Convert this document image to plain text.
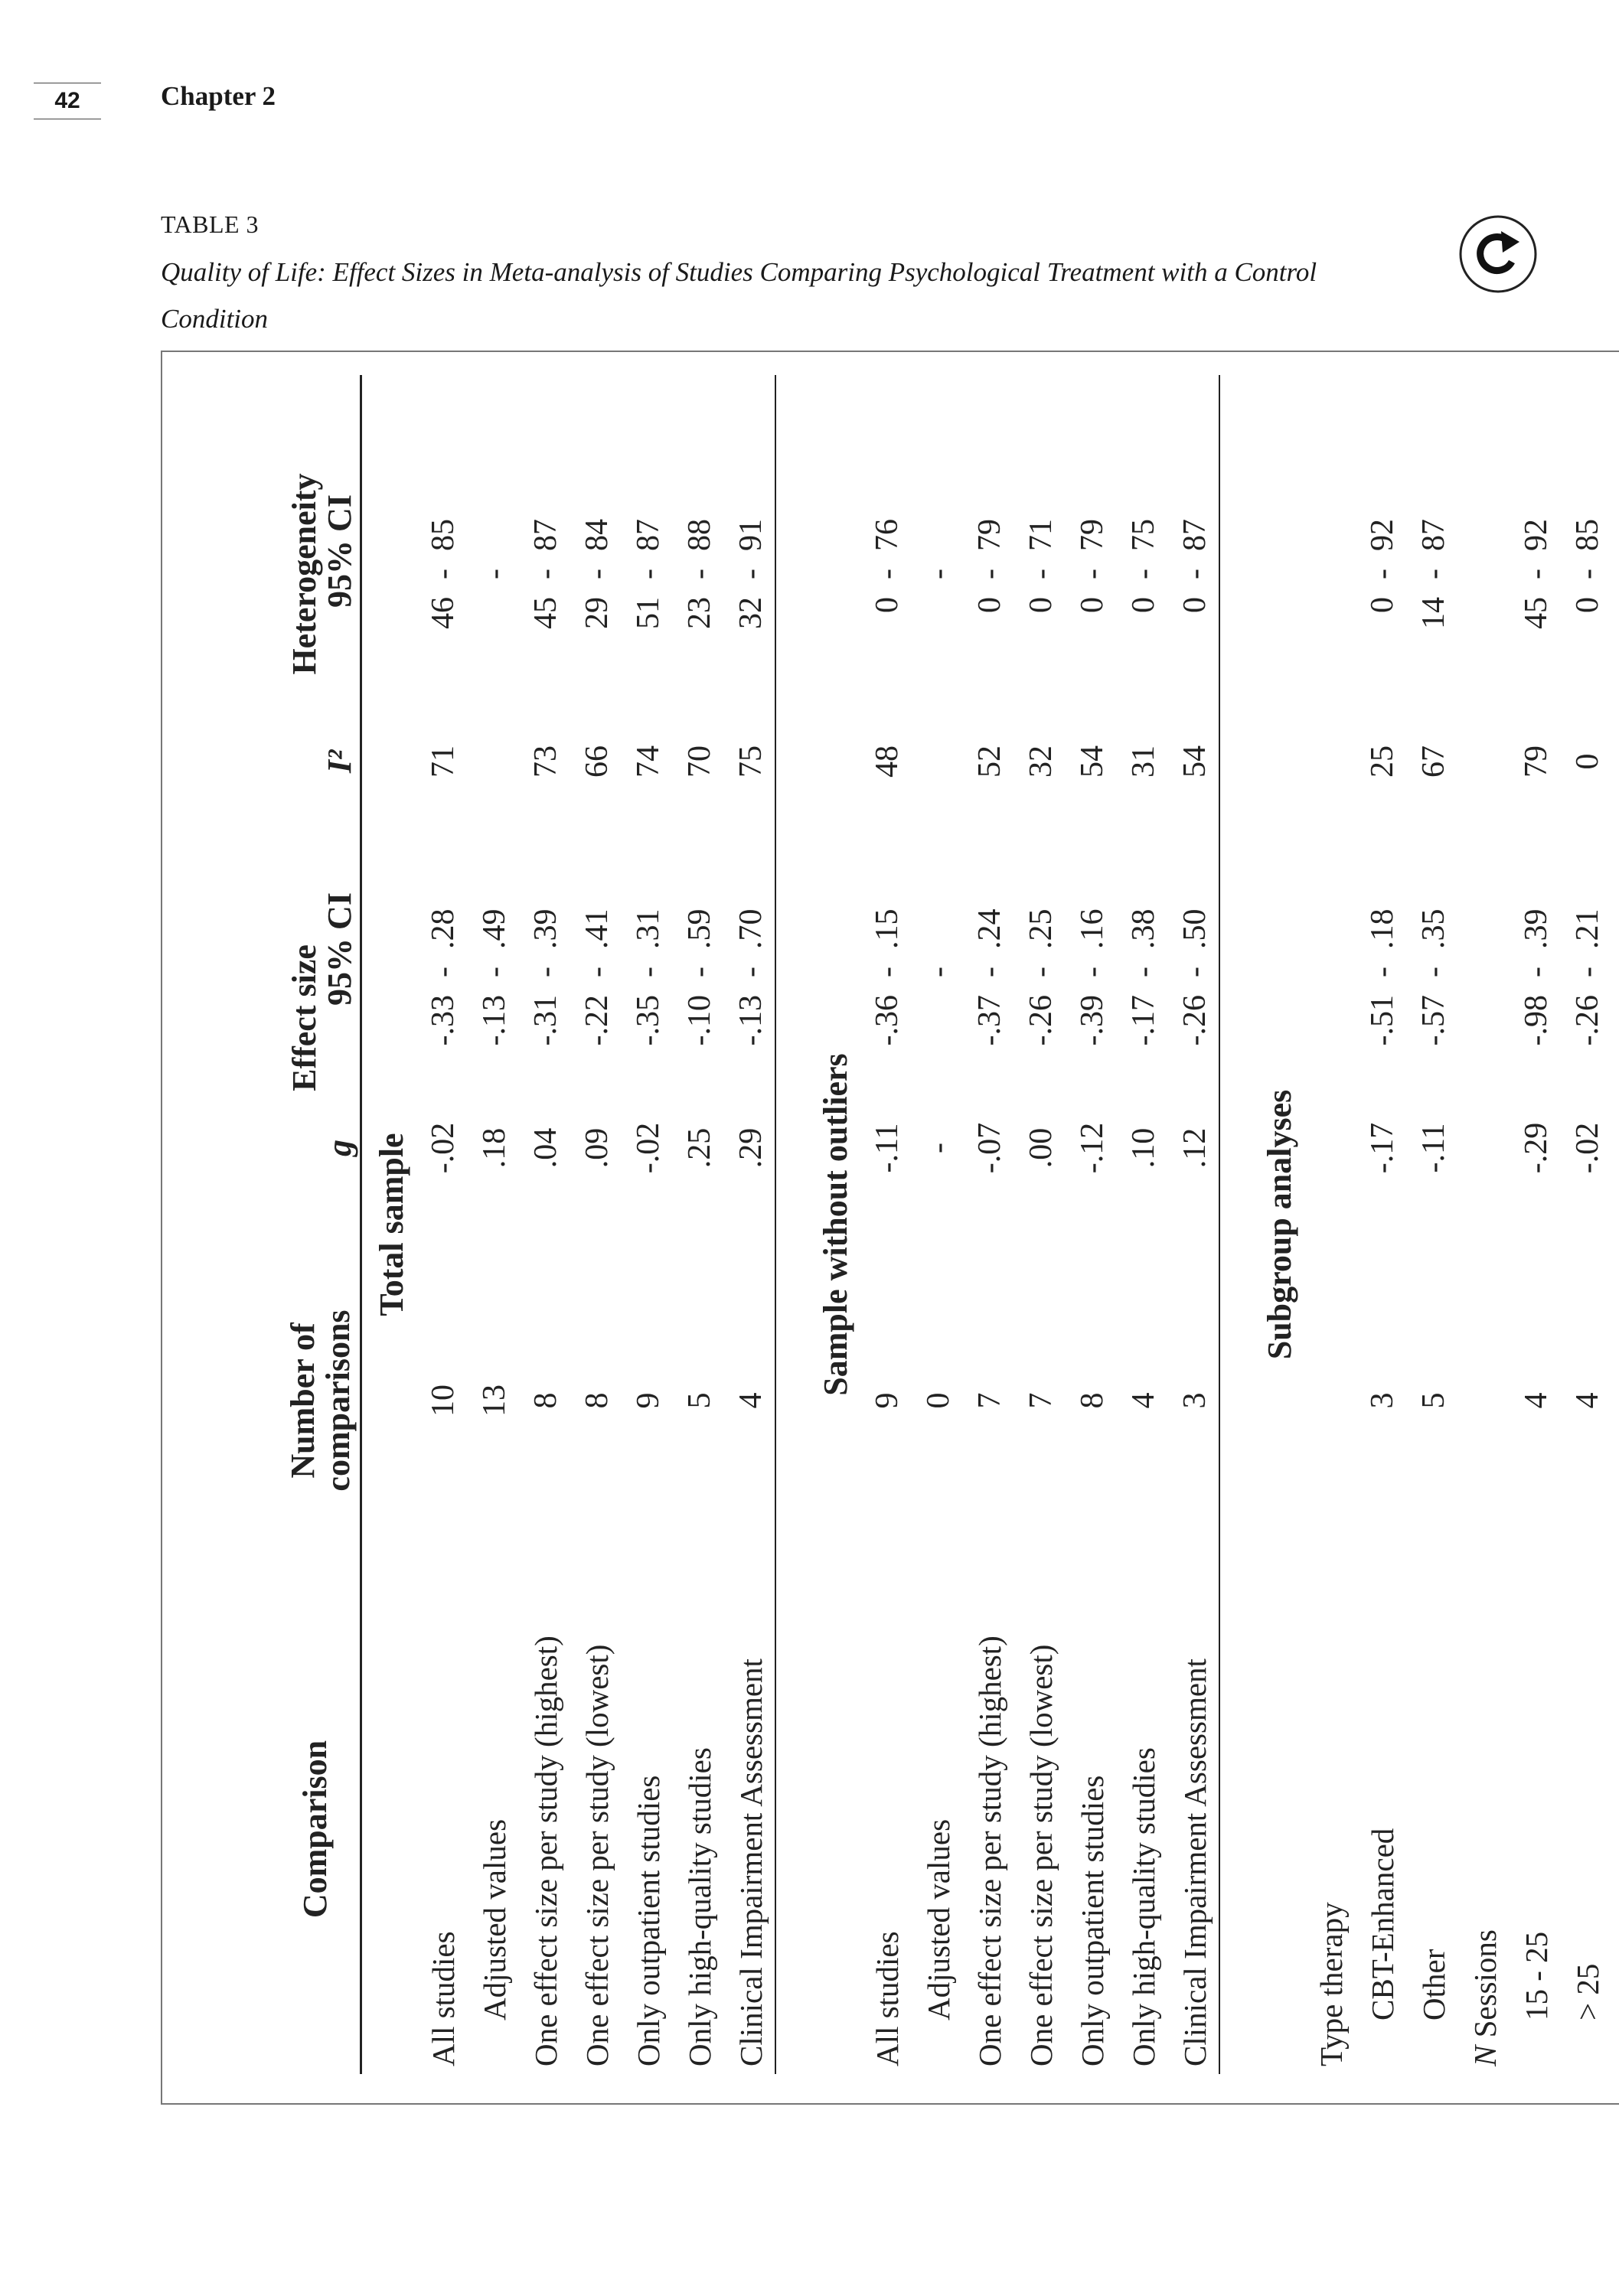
42	Chapter 2
TABLE 3
Quality of Life: Effect Sizes in Meta-analysis of Studies Comparing Psychological Treatment with a Control Condition
Comparison
Number of
comparisons
Effect size
g
95% CI
Heterogeneity
I²
95% CI
Total sample
All studies
10
-.02
-.33
-
.28
71
46
-
85
Adjusted values
13
.18
-.13
-
.49
-
One effect size per study (highest)
8
.04
-.31
-
.39
73
45
-
87
One effect size per study (lowest)
8
.09
-.22
-
.41
66
29
-
84
Only outpatient studies
9
-.02
-.35
-
.31
74
51
-
87
Only high-quality studies
5
.25
-.10
-
.59
70
23
-
88
Clinical Impairment Assessment
4
.29
-.13
-
.70
75
32
-
91
Sample without outliers
All studies
9
-.11
-.36
-
.15
48
0
-
76
Adjusted values
0
-
-
-
One effect size per study (highest)
7
-.07
-.37
-
.24
52
0
-
79
One effect size per study (lowest)
7
.00
-.26
-
.25
32
0
-
71
Only outpatient studies
8
-.12
-.39
-
.16
54
0
-
79
Only high-quality studies
4
.10
-.17
-
.38
31
0
-
75
Clinical Impairment Assessment
3
.12
-.26
-
.50
54
0
-
87
Subgroup analyses
Type therapy CBT-Enhanced
3
-.17
-.51
-
.18
25
0
-
92
Other
5
-.11
-.57
-
.35
67
14
-
87
N Sessions 15 - 25
4
-.29
-.98
-
.39
79
45
-
92
> 25
4
-.02
-.26
-
.21
0
0
-
85
